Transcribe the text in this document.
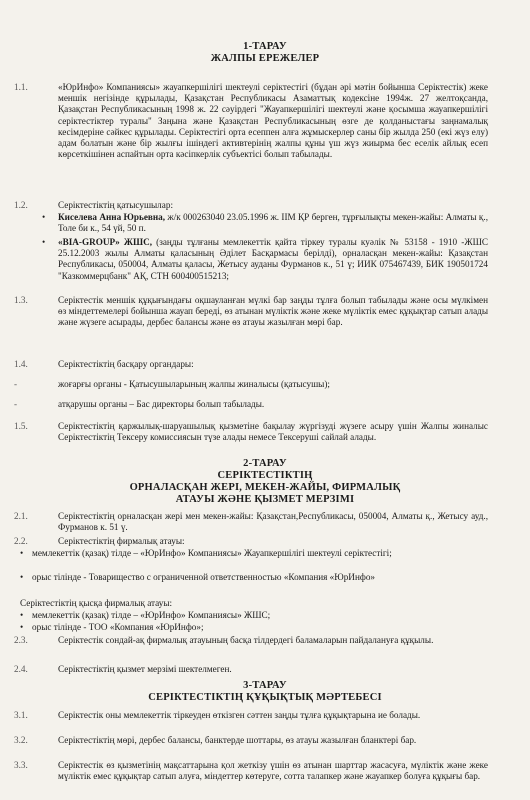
1-ТАРАУ
ЖАЛПЫ ЕРЕЖЕЛЕР
1.1.	«ЮрИнфо» Компаниясы» жауапкершілігі шектеулі серіктестігі (бұдан әрі мәтін бойынша Серіктестік) жеке меншік негізінде құрылады, Қазақстан Республикасы Азаматтық кодексіне 1994ж. 27 желтоқсанда, Қазақстан Республикасының 1998 ж. 22 сәуірдегі "Жауапкершілігі шектеулі және қосымша жауапкершілігі серіктестіктер туралы" Заңына және Қазақстан Республикасының өзге де қолданыстағы заңнамалық кесімдеріне сәйкес құрылады. Серіктестігі орта есеппен алға жұмыскерлер саны бір жылда 250 (екі жүз елу) адам болатын және бір жылғы ішіндегі активтерінің жалпы құны үш жүз жиырма бес еселік айлық есеп көрсеткішінен аспайтын орта кәсіпкерлік субъектісі болып табылады.
1.2.	Серіктестіктің қатысушылар:
• Киселева Анна Юрьевна, ж/к 000263040 23.05.1996 ж. ІІМ ҚР берген, тұрғылықты мекен-жайы: Алматы қ., Толе би к., 54 үй, 50 п.
• «BIA-GROUP» ЖШС, (заңды тұлғаны мемлекеттік қайта тіркеу туралы куәлік № 53158 - 1910 -ЖШС 25.12.2003 жылы Алматы қаласының Әділет Басқармасы берілді), орналасқан мекен-жайы: Қазақстан Республикасы, 050004, Алматы қаласы, Жетысу ауданы Фурманов к., 51 ү; ИИК 075467439, БИК 190501724 "Казкоммерцбанк" АҚ, СТН 600400515213;
1.3.	Серіктестік меншік құқығындағы оқшауланған мүлкі бар заңды тұлға болып табылады және осы мүлкімен өз міндеттемелері бойынша жауап береді, өз атынан мүліктік және жеке мүліктік емес құқықтар сатып алады және жүзеге асырады, дербес балансы және өз атауы жазылған мөрі бар.
1.4.	Серіктестіктің басқару органдары:
-	жоғарғы органы - Қатысушыларының жалпы жиналысы (қатысушы);
-	атқарушы органы – Бас директоры болып табылады.
1.5.	Серіктестіктің қаржылық-шаруашылық қызметіне бақылау жүргізуді жүзеге асыру үшін Жалпы жиналыс Серіктестіктің Тексеру комиссиясын түзе алады немесе Тексеруші сайлай алады.
2-ТАРАУ
СЕРІКТЕСТІКТІҢ
ОРНАЛАСҚАН ЖЕРІ, МЕКЕН-ЖАЙЫ, ФИРМАЛЫҚ
АТАУЫ ЖӘНЕ ҚЫЗМЕТ МЕРЗІМІ
2.1.	Серіктестіктің орналасқан жері мен мекен-жайы: Қазақстан,Республикасы, 050004, Алматы қ., Жетысу ауд., Фурманов к. 51 ү.
2.2.	Серіктестіктің фирмалық атауы:
• мемлекеттік (қазақ) тілде – «ЮрИнфо» Компаниясы» Жауапкершілігі шектеулі серіктестігі;
• орыс тілінде - Товарищество с ограниченной ответственностью «Компания «ЮрИнфо»
Серіктестіктің қысқа фирмалық атауы:
• мемлекеттік (қазақ) тілде – «ЮрИнфо» Компаниясы» ЖШС;
• орыс тілінде - ТОО «Компания «ЮрИнфо»;
2.3.	Серіктестік сондай-ақ фирмалық атауының басқа тілдердегі баламаларын пайдалануға құқылы.
2.4.	Серіктестіктің қызмет мерзімі шектелмеген.
3-ТАРАУ
СЕРІКТЕСТІКТІҢ ҚҰҚЫҚТЫҚ МӘРТЕБЕСІ
3.1.	Серіктестік оны мемлекеттік тіркеуден өткізген сәттен заңды тұлға құқықтарына ие болады.
3.2.	Серіктестіктің мөрі, дербес балансы, банктерде шоттары, өз атауы жазылған бланктері бар.
3.3.	Серіктестік өз қызметінің мақсаттарына қол жеткізу үшін өз атынан шарттар жасасуға, мүліктік және жеке мүліктік емес құқықтар сатып алуға, міндеттер көтеруге, сотта талапкер және жауапкер болуға құқығы бар.
